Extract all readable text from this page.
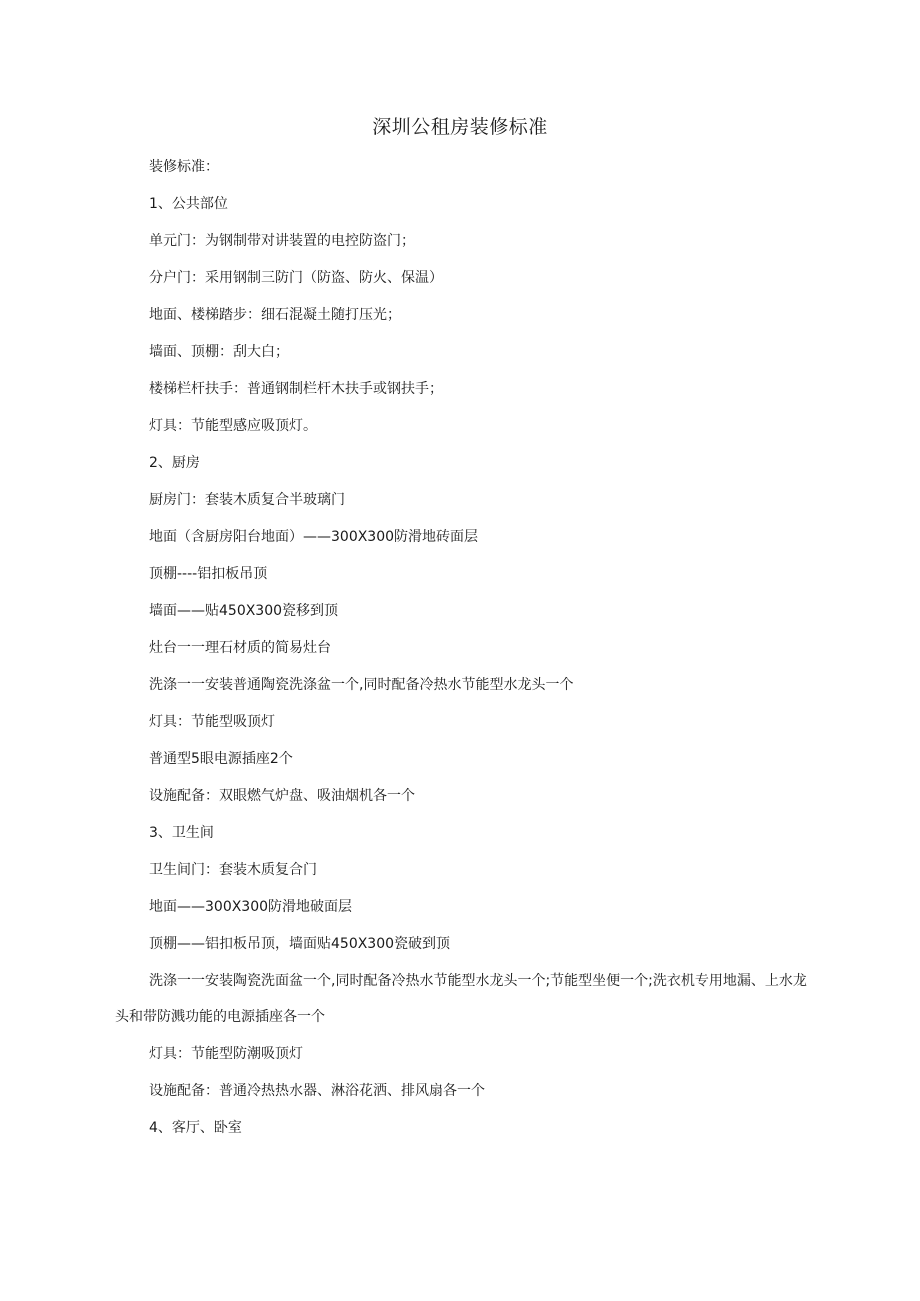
深圳公租房装修标准

装修标准：

1、公共部位

单元门：为钢制带对讲装置的电控防盗门；

分户门：采用钢制三防门（防盗、防火、保温）

地面、楼梯踏步：细石混凝土随打压光；

墙面、顶棚：刮大白；

楼梯栏杆扶手：普通钢制栏杆木扶手或钢扶手；

灯具：节能型感应吸顶灯。

2、厨房

厨房门：套装木质复合半玻璃门

地面（含厨房阳台地面）——300X300防滑地砖面层

顶棚----铝扣板吊顶

墙面——贴450X300瓷移到顶

灶台一一理石材质的简易灶台

洗涤一一安装普通陶瓷洗涤盆一个,同时配备冷热水节能型水龙头一个

灯具：节能型吸顶灯

普通型5眼电源插座2个

设施配备：双眼燃气炉盘、吸油烟机各一个

3、卫生间

卫生间门：套装木质复合门

地面——300X300防滑地破面层

顶棚——铝扣板吊顶，墙面贴450X300瓷破到顶

洗涤一一安装陶瓷洗面盆一个,同时配备冷热水节能型水龙头一个;节能型坐便一个;洗衣机专用地漏、上水龙头和带防溅功能的电源插座各一个

灯具：节能型防潮吸顶灯

设施配备：普通冷热热水器、淋浴花洒、排风扇各一个

4、客厅、卧室
